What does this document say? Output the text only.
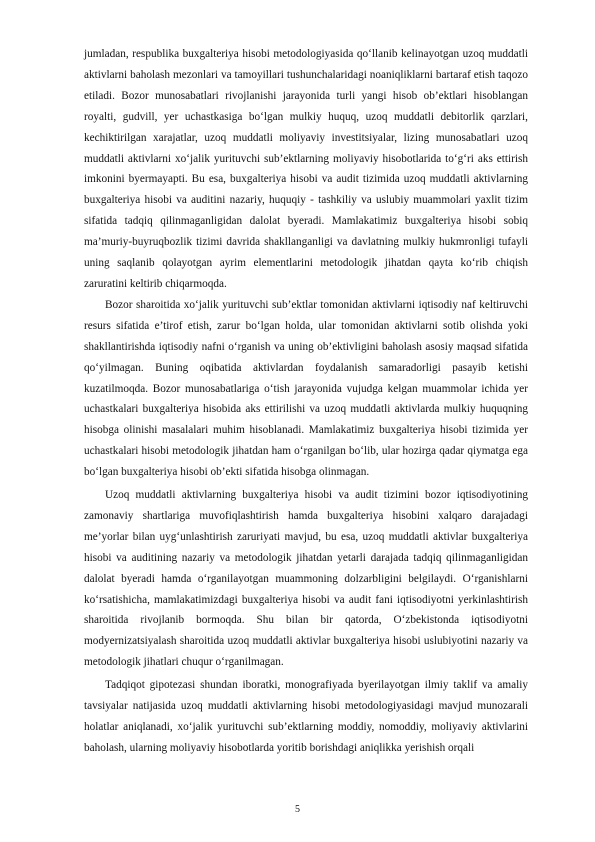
jumladan, respublika buxgalteriya hisobi metodologiyasida qo‘llanib kelinayotgan uzoq muddatli aktivlarni baholash mezonlari va tamoyillari tushunchalaridagi noaniqliklarni bartaraf etish taqozo etiladi. Bozor munosabatlari rivojlanishi jarayonida turli yangi hisob ob’ektlari hisoblangan royalti, gudvill, yer uchastkasiga bo‘lgan mulkiy huquq, uzoq muddatli debitorlik qarzlari, kechiktirilgan xarajatlar, uzoq muddatli moliyaviy investitsiyalar, lizing munosabatlari uzoq muddatli aktivlarni xo‘jalik yurituvchi sub’ektlarning moliyaviy hisobotlarida to‘g‘ri aks ettirish imkonini byermayapti. Bu esa, buxgalteriya hisobi va audit tizimida uzoq muddatli aktivlarning buxgalteriya hisobi va auditini nazariy, huquqiy - tashkiliy va uslubiy muammolari yaxlit tizim sifatida tadqiq qilinmaganligidan dalolat byeradi. Mamlakatimiz buxgalteriya hisobi sobiq ma’muriy-buyruqbozlik tizimi davrida shakllanganligi va davlatning mulkiy hukmronligi tufayli uning saqlanib qolayotgan ayrim elementlarini metodologik jihatdan qayta ko‘rib chiqish zaruratini keltirib chiqarmoqda.

Bozor sharoitida xo‘jalik yurituvchi sub’ektlar tomonidan aktivlarni iqtisodiy naf keltiruvchi resurs sifatida e’tirof etish, zarur bo‘lgan holda, ular tomonidan aktivlarni sotib olishda yoki shakllantirishda iqtisodiy nafni o‘rganish va uning ob’ektivligini baholash asosiy maqsad sifatida qo‘yilmagan. Buning oqibatida aktivlardan foydalanish samaradorligi pasayib ketishi kuzatilmoqda. Bozor munosabatlariga o‘tish jarayonida vujudga kelgan muammolar ichida yer uchastkalari buxgalteriya hisobida aks ettirilishi va uzoq muddatli aktivlarda mulkiy huquqning hisobga olinishi masalalari muhim hisoblanadi. Mamlakatimiz buxgalteriya hisobi tizimida yer uchastkalari hisobi metodologik jihatdan ham o‘rganilgan bo‘lib, ular hozirga qadar qiymatga ega bo‘lgan buxgalteriya hisobi ob’ekti sifatida hisobga olinmagan.

Uzoq muddatli aktivlarning buxgalteriya hisobi va audit tizimini bozor iqtisodiyotining zamonaviy shartlariga muvofiqlashtirish hamda buxgalteriya hisobini xalqaro darajadagi me’yorlar bilan uyg‘unlashtirish zaruriyati mavjud, bu esa, uzoq muddatli aktivlar buxgalteriya hisobi va auditining nazariy va metodologik jihatdan yetarli darajada tadqiq qilinmaganligidan dalolat byeradi hamda o‘rganilayotgan muammoning dolzarbligini belgilaydi. O‘rganishlarni ko‘rsatishicha, mamlakatimizdagi buxgalteriya hisobi va audit fani iqtisodiyotni yerkinlashtirish sharoitida rivojlanib bormoqda. Shu bilan bir qatorda, O‘zbekistonda iqtisodiyotni modyernizatsiyalash sharoitida uzoq muddatli aktivlar buxgalteriya hisobi uslubiyotini nazariy va metodologik jihatlari chuqur o‘rganilmagan.

Tadqiqot gipotezasi shundan iboratki, monografiyada byerilayotgan ilmiy taklif va amaliy tavsiyalar natijasida uzoq muddatli aktivlarning hisobi metodologiyasidagi mavjud munozarali holatlar aniqlanadi, xo‘jalik yurituvchi sub’ektlarning moddiy, nomoddiy, moliyaviy aktivlarini baholash, ularning moliyaviy hisobotlarda yoritib borishdagi aniqlikka yerishish orqali

5
